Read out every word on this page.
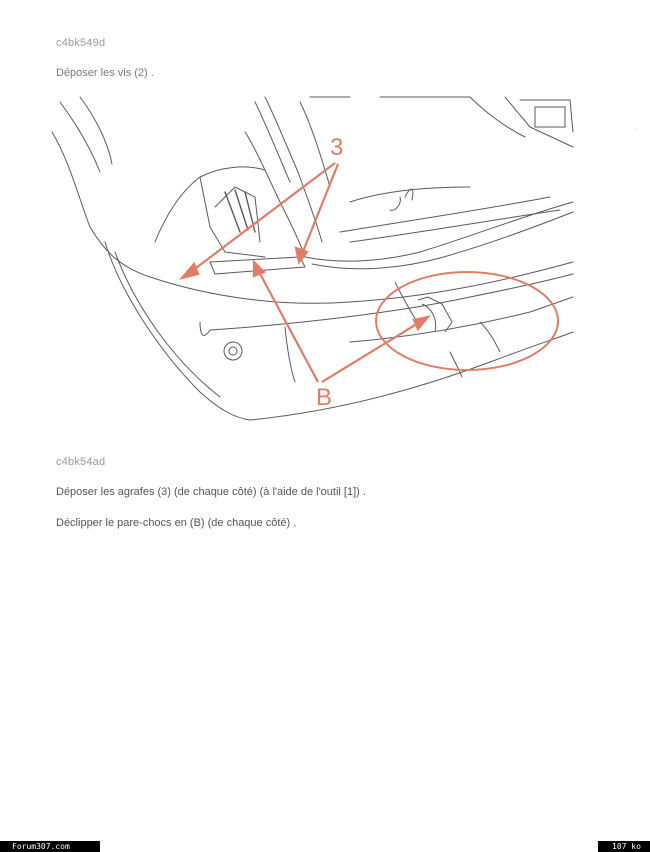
c4bk549d
Déposer les vis (2) .
3
B
·
c4bk54ad
Déposer les agrafes (3) (de chaque côté) (à l'aide de l'outil [1]) .
Déclipper le pare-chocs en (B) (de chaque côté) .
Forum307.com	107 ko
